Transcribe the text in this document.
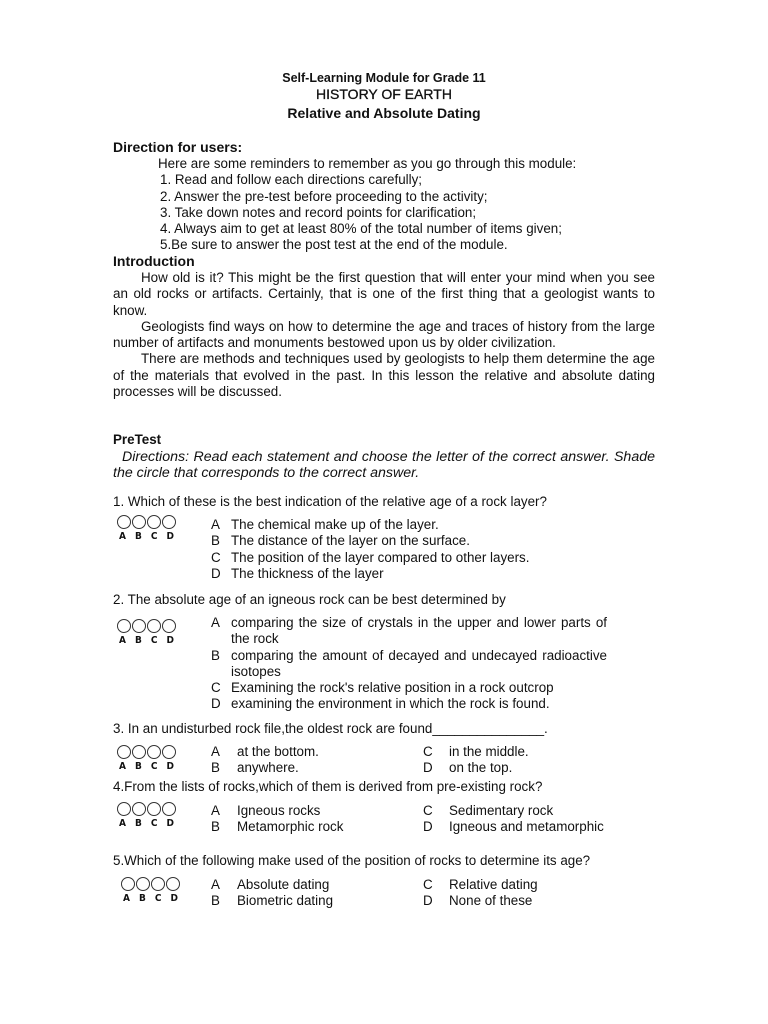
Self-Learning Module for Grade 11
HISTORY OF EARTH
Relative and Absolute Dating
Direction for users:
Here are some reminders to remember as you go through this module:
1. Read and follow each directions carefully;
2. Answer the pre-test before proceeding to the activity;
3. Take down notes and record points for clarification;
4. Always aim to get at least 80% of the total number of items given;
5.Be sure to answer the post test at the end of the module.
Introduction
How old is it? This might be the first question that will enter your mind when you see an old rocks or artifacts. Certainly, that is one of the first thing that a geologist wants to know.
Geologists find ways on how to determine the age and traces of history from the large number of artifacts and monuments bestowed upon us by older civilization.
There are methods and techniques used by geologists to help them determine the age of the materials that evolved in the past. In this lesson the relative and absolute dating processes will be discussed.
PreTest
Directions: Read each statement and choose the letter of the correct answer. Shade the circle that corresponds to the correct answer.
1. Which of these is the best indication of the relative age of a rock layer?
A B C D
A The chemical make up of the layer.
B The distance of the layer on the surface.
C The position of the layer compared to other layers.
D The thickness of the layer
2. The absolute age of an igneous rock can be best determined by
A B C D
A comparing the size of crystals in the upper and lower parts of the rock
B comparing the amount of decayed and undecayed radioactive isotopes
C Examining the rock's relative position in a rock outcrop
D examining the environment in which the rock is found.
3. In an undisturbed rock file,the oldest rock are found_______________.
A B C D
A	at the bottom.	C	in the middle.
B	anywhere.	D	on the top.
4.From the lists of rocks,which of them is derived from pre-existing rock?
A B C D
A	Igneous rocks	C	Sedimentary rock
B	Metamorphic rock	D	Igneous and metamorphic
5.Which of the following make used of the position of rocks to determine its age?
A B C D
A	Absolute dating	C	Relative dating
B	Biometric dating	D	None of these
